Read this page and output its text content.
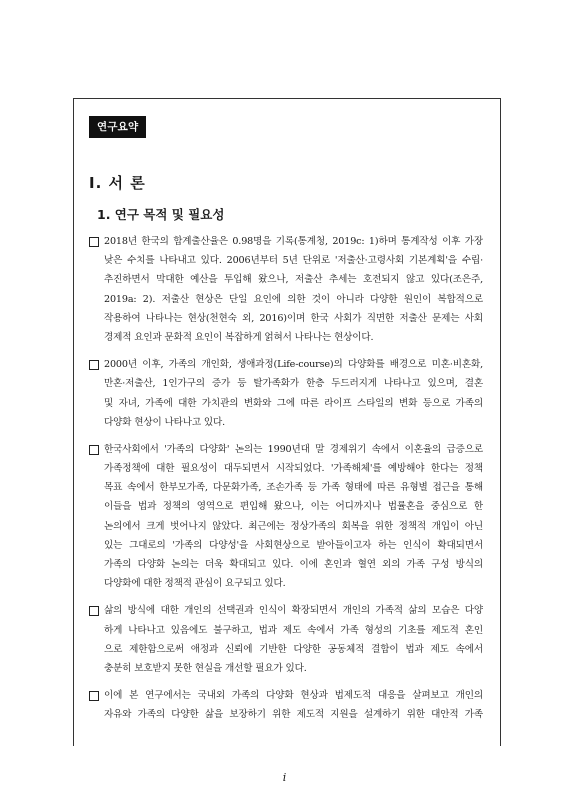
연구요약
Ⅰ. 서 론
1. 연구 목적 및 필요성
2018년 한국의 합계출산율은 0.98명을 기록(통계청, 2019c: 1)하며 통계작성 이후 가장
낮은 수치를 나타내고 있다. 2006년부터 5년 단위로 '저출산·고령사회 기본계획'을 수립·
추진하면서 막대한 예산을 투입해 왔으나, 저출산 추세는 호전되지 않고 있다(조은주,
2019a: 2). 저출산 현상은 단일 요인에 의한 것이 아니라 다양한 원인이 복합적으로
작용하여 나타나는 현상(천현숙 외, 2016)이며 한국 사회가 직면한 저출산 문제는 사회
경제적 요인과 문화적 요인이 복잡하게 얽혀서 나타나는 현상이다.
2000년 이후, 가족의 개인화, 생애과정(Life-course)의 다양화를 배경으로 미혼·비혼화,
만혼·저출산, 1인가구의 증가 등 탈가족화가 한층 두드러지게 나타나고 있으며, 결혼
및 자녀, 가족에 대한 가치관의 변화와 그에 따른 라이프 스타일의 변화 등으로 가족의
다양화 현상이 나타나고 있다.
한국사회에서 '가족의 다양화' 논의는 1990년대 말 경제위기 속에서 이혼율의 급증으로
가족정책에 대한 필요성이 대두되면서 시작되었다. '가족해체'를 예방해야 한다는 정책
목표 속에서 한부모가족, 다문화가족, 조손가족 등 가족 형태에 따른 유형별 접근을 통해
이들을 법과 정책의 영역으로 편입해 왔으나, 이는 어디까지나 법률혼을 중심으로 한
논의에서 크게 벗어나지 않았다. 최근에는 정상가족의 회복을 위한 정책적 개입이 아닌
있는 그대로의 '가족의 다양성'을 사회현상으로 받아들이고자 하는 인식이 확대되면서
가족의 다양화 논의는 더욱 확대되고 있다. 이에 혼인과 혈연 외의 가족 구성 방식의
다양화에 대한 정책적 관심이 요구되고 있다.
삶의 방식에 대한 개인의 선택권과 인식이 확장되면서 개인의 가족적 삶의 모습은 다양
하게 나타나고 있음에도 불구하고, 법과 제도 속에서 가족 형성의 기초를 제도적 혼인
으로 제한함으로써 애정과 신뢰에 기반한 다양한 공동체적 결합이 법과 제도 속에서
충분히 보호받지 못한 현실을 개선할 필요가 있다.
이에 본 연구에서는 국내외 가족의 다양화 현상과 법제도적 대응을 살펴보고 개인의
자유와 가족의 다양한 삶을 보장하기 위한 제도적 지원을 설계하기 위한 대안적 가족
i
